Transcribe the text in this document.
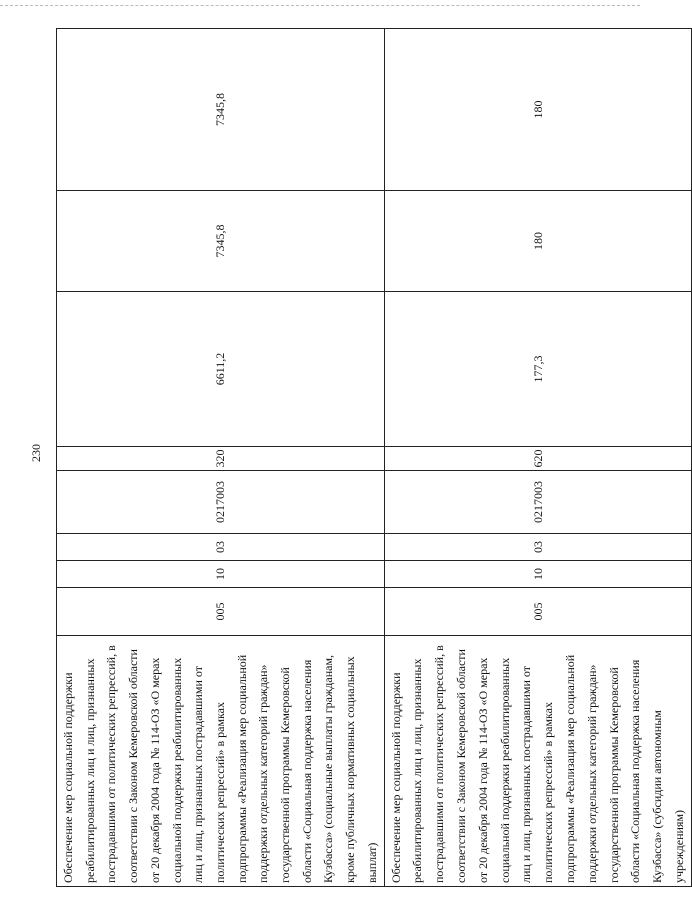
230
Обеспечение мер социальной поддержки реабилитированных лиц и лиц, признанных пострадавшими от политических репрессий, в соответствии с Законом Кемеровской области от 20 декабря 2004 года № 114-ОЗ «О мерах социальной поддержки реабилитированных лиц и лиц, признанных пострадавшими от политических репрессий» в рамках подпрограммы «Реализация мер социальной поддержки отдельных категорий граждан» государственной программы Кемеровской области «Социальная поддержка населения Кузбасса» (социальные выплаты гражданам, кроме публичных нормативных социальных выплат)	005	10	03	0217003	320	6611,2	7345,8	7345,8
Обеспечение мер социальной поддержки реабилитированных лиц и лиц, признанных пострадавшими от политических репрессий, в соответствии с Законом Кемеровской области от 20 декабря 2004 года № 114-ОЗ «О мерах социальной поддержки реабилитированных лиц и лиц, признанных пострадавшими от политических репрессий» в рамках подпрограммы «Реализация мер социальной поддержки отдельных категорий граждан» государственной программы Кемеровской области «Социальная поддержка населения Кузбасса» (субсидии автономным учреждениям)	005	10	03	0217003	620	177,3	180	180
